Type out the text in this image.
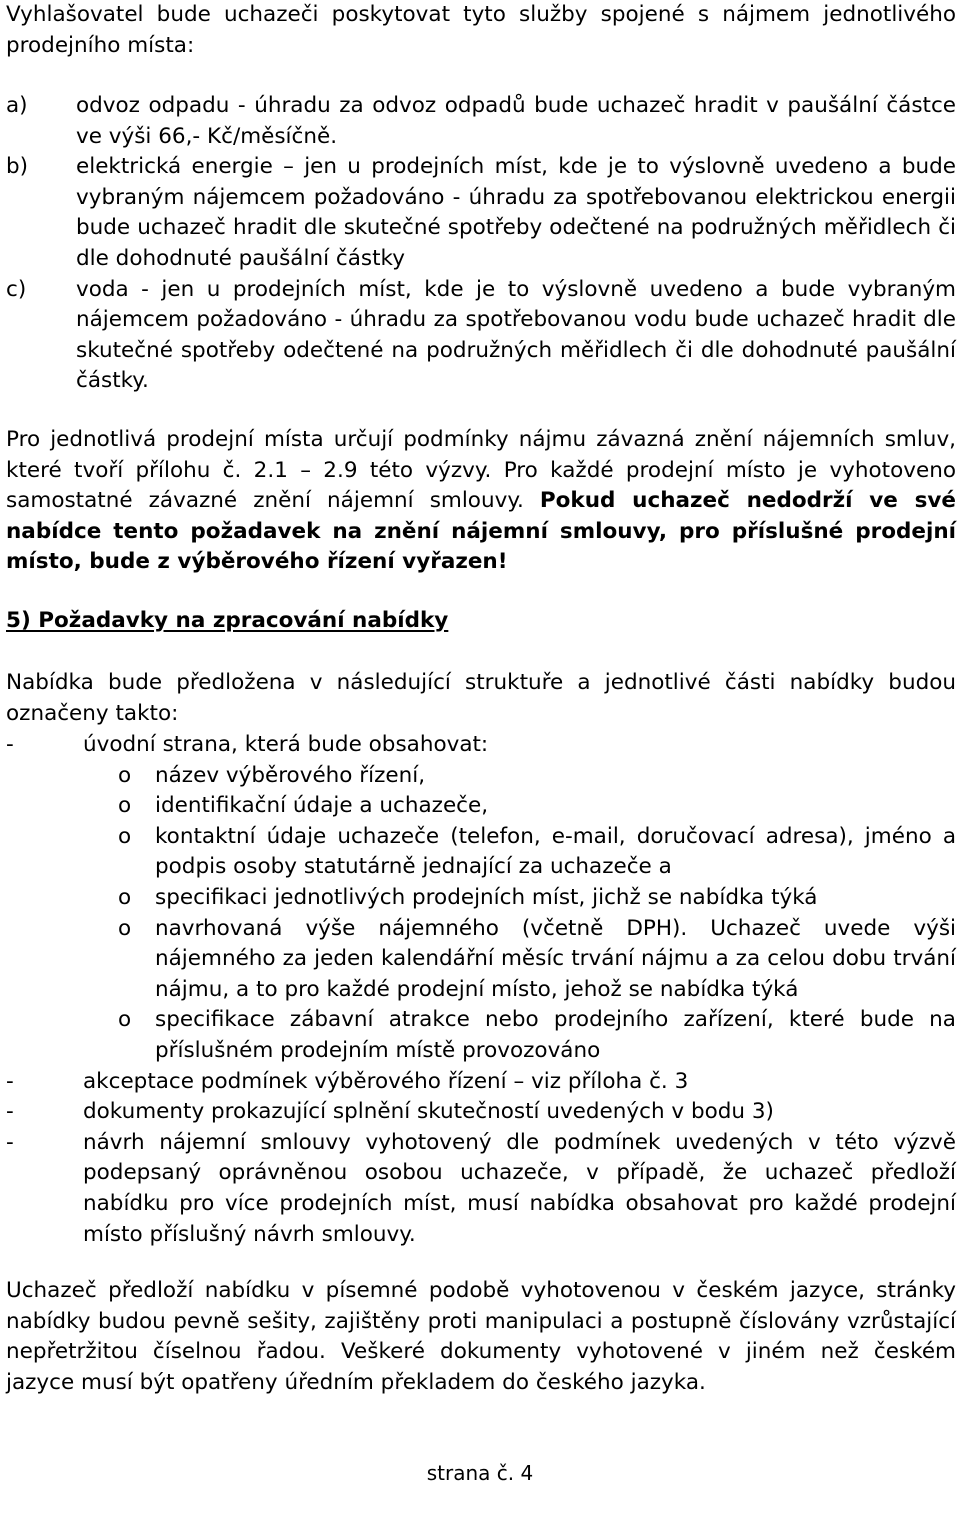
Vyhlašovatel bude uchazeči poskytovat tyto služby spojené s nájmem jednotlivého prodejního místa:
a)	odvoz odpadu - úhradu za odvoz odpadů bude uchazeč hradit v paušální částce ve výši 66,- Kč/měsíčně.
b)	elektrická energie – jen u prodejních míst, kde je to výslovně uvedeno a bude vybraným nájemcem požadováno - úhradu za spotřebovanou elektrickou energii bude uchazeč hradit dle skutečné spotřeby odečtené na podružných měřidlech či dle dohodnuté paušální částky
c)	voda - jen u prodejních míst, kde je to výslovně uvedeno a bude vybraným nájemcem požadováno - úhradu za spotřebovanou vodu bude uchazeč hradit dle skutečné spotřeby odečtené na podružných měřidlech či dle dohodnuté paušální částky.
Pro jednotlivá prodejní místa určují podmínky nájmu závazná znění nájemních smluv, které tvoří přílohu č. 2.1 – 2.9 této výzvy. Pro každé prodejní místo je vyhotoveno samostatné závazné znění nájemní smlouvy. Pokud uchazeč nedodrží ve své nabídce tento požadavek na znění nájemní smlouvy, pro příslušné prodejní místo, bude z výběrového řízení vyřazen!
5) Požadavky na zpracování nabídky
Nabídka bude předložena v následující struktuře a jednotlivé části nabídky budou označeny takto:
-	úvodní strana, která bude obsahovat:
o	název výběrového řízení,
o	identifikační údaje a uchazeče,
o	kontaktní údaje uchazeče (telefon, e-mail, doručovací adresa), jméno a podpis osoby statutárně jednající za uchazeče a
o	specifikaci jednotlivých prodejních míst, jichž se nabídka týká
o	navrhovaná výše nájemného (včetně DPH). Uchazeč uvede výši nájemného za jeden kalendářní měsíc trvání nájmu a za celou dobu trvání nájmu, a to pro každé prodejní místo, jehož se nabídka týká
o	specifikace zábavní atrakce nebo prodejního zařízení, které bude na příslušném prodejním místě provozováno
-	akceptace podmínek výběrového řízení – viz příloha č. 3
-	dokumenty prokazující splnění skutečností uvedených v bodu 3)
-	návrh nájemní smlouvy vyhotovený dle podmínek uvedených v této výzvě podepsaný oprávněnou osobou uchazeče, v případě, že uchazeč předloží nabídku pro více prodejních míst, musí nabídka obsahovat pro každé prodejní místo příslušný návrh smlouvy.
Uchazeč předloží nabídku v písemné podobě vyhotovenou v českém jazyce, stránky nabídky budou pevně sešity, zajištěny proti manipulaci a postupně číslovány vzrůstající nepřetržitou číselnou řadou. Veškeré dokumenty vyhotovené v jiném než českém jazyce musí být opatřeny úředním překladem do českého jazyka.
strana č. 4
